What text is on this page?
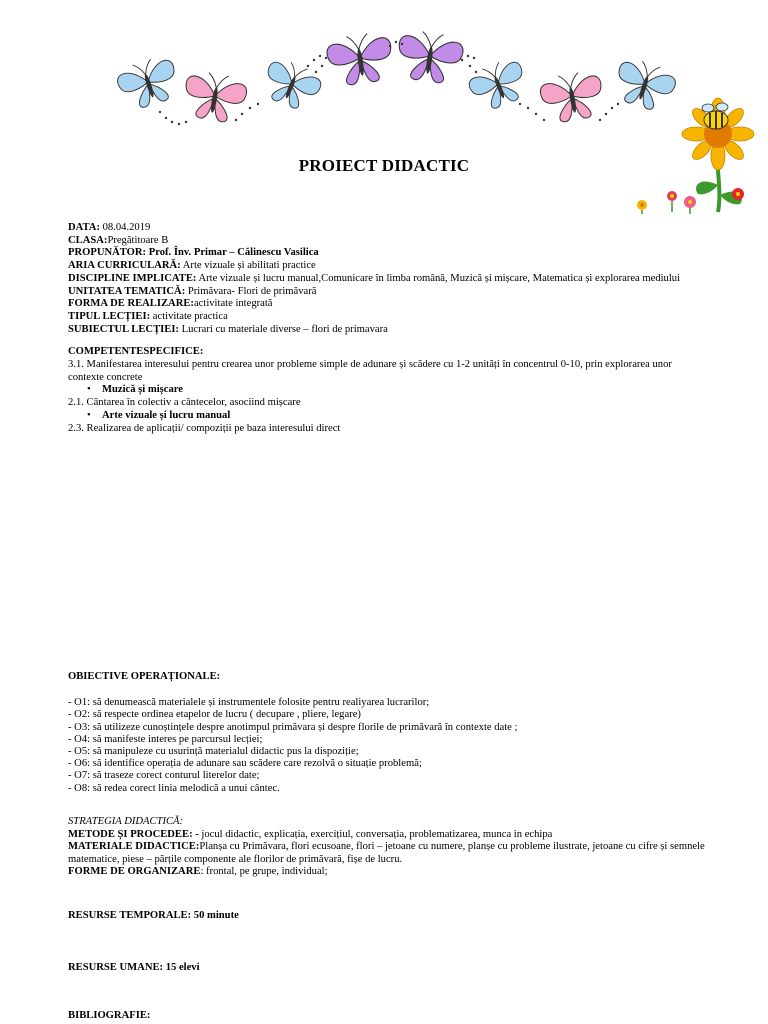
PROIECT DIDACTIC
DATA: 08.04.2019
CLASA:Pregătitoare B
PROPUNĂTOR: Prof. Înv. Primar – Călinescu Vasilica
ARIA CURRICULARĂ: Arte vizuale și abilitati practice
DISCIPLINE IMPLICATE: Arte vizuale și lucru manual,Comunicare în limba română, Muzică și mișcare, Matematica și explorarea mediului
UNITATEA TEMATICĂ: Primăvara- Flori de primăvară
FORMA DE REALIZARE:activitate integrată
TIPUL LECȚIEI: activitate practica
SUBIECTUL LECȚIEI: Lucrari cu materiale diverse – flori de primavara
COMPETENTESPECIFICE:
3.1. Manifestarea interesului pentru crearea unor probleme simple de adunare și scădere cu 1-2 unități în concentrul 0-10, prin explorarea unor contexte concrete
• Muzică și mișcare
2.1. Cântarea în colectiv a cântecelor, asociind mișcare
• Arte vizuale și lucru manual
2.3. Realizarea de aplicații/ compoziții pe baza interesului direct
OBIECTIVE OPERAȚIONALE:
- O1: să denumească materialele și instrumentele folosite pentru realiyarea lucrarilor;
- O2: să respecte ordinea etapelor de lucru ( decupare , pliere, legare)
- O3: să utilizeze cunoștințele despre anotimpul primăvara și despre florile de primăvară în contexte date ;
- O4: să manifeste interes pe parcursul lecției;
- O5: să manipuleze cu usurință materialul didactic pus la dispoziție;
- O6: să identifice operația de adunare sau scădere care rezolvă o situație problemă;
- O7: să traseze corect conturul literelor date;
- O8: să redea corect linia melodică a unui cântec.
STRATEGIA DIDACTICĂ:
METODE ȘI PROCEDEE: - jocul didactic, explicația, exercițiul, conversația, problematizarea, munca in echipa
MATERIALE DIDACTICE:Planșa cu Primăvara, flori ecusoane, flori – jetoane cu numere, planșe cu probleme ilustrate, jetoane cu cifre și semnele matematice, piese – părțile componente ale florilor de primăvară, fișe de lucru.
FORME DE ORGANIZARE: frontal, pe grupe, individual;
RESURSE TEMPORALE: 50 minute
RESURSE UMANE: 15 elevi
BIBLIOGRAFIE:
